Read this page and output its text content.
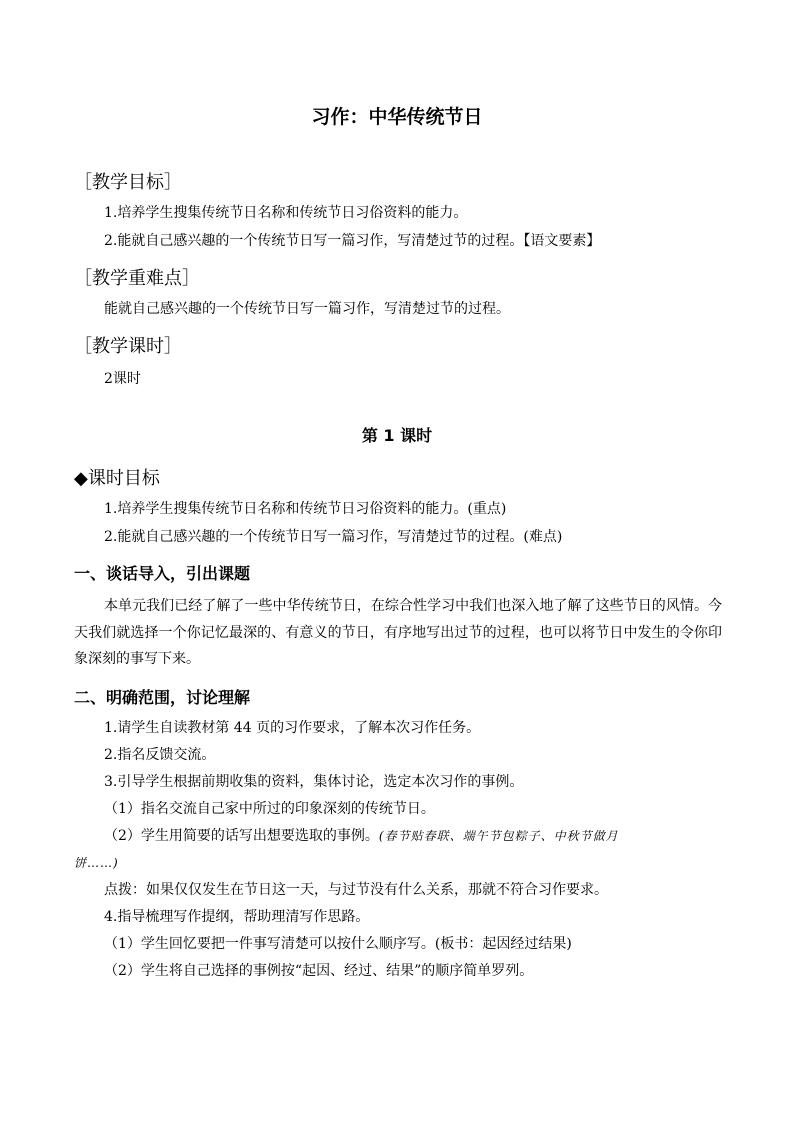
习作：中华传统节日
［教学目标］
1.培养学生搜集传统节日名称和传统节日习俗资料的能力。
2.能就自己感兴趣的一个传统节日写一篇习作，写清楚过节的过程。【语文要素】
［教学重难点］
能就自己感兴趣的一个传统节日写一篇习作，写清楚过节的过程。
［教学课时］
2课时
第 1 课时
◆课时目标
1.培养学生搜集传统节日名称和传统节日习俗资料的能力。(重点)
2.能就自己感兴趣的一个传统节日写一篇习作，写清楚过节的过程。(难点)
一、谈话导入，引出课题
本单元我们已经了解了一些中华传统节日，在综合性学习中我们也深入地了解了这些节日的风情。今天我们就选择一个你记忆最深的、有意义的节日，有序地写出过节的过程，也可以将节日中发生的令你印象深刻的事写下来。
二、明确范围，讨论理解
1.请学生自读教材第 44 页的习作要求，了解本次习作任务。
2.指名反馈交流。
3.引导学生根据前期收集的资料，集体讨论，选定本次习作的事例。
（1）指名交流自己家中所过的印象深刻的传统节日。
（2）学生用简要的话写出想要选取的事例。(春节贴春联、端午节包粽子、中秋节做月
饼……)
点拨：如果仅仅发生在节日这一天，与过节没有什么关系，那就不符合习作要求。
4.指导梳理写作提纲，帮助理清写作思路。
（1）学生回忆要把一件事写清楚可以按什么顺序写。(板书：起因经过结果)
（2）学生将自己选择的事例按“起因、经过、结果”的顺序简单罗列。
